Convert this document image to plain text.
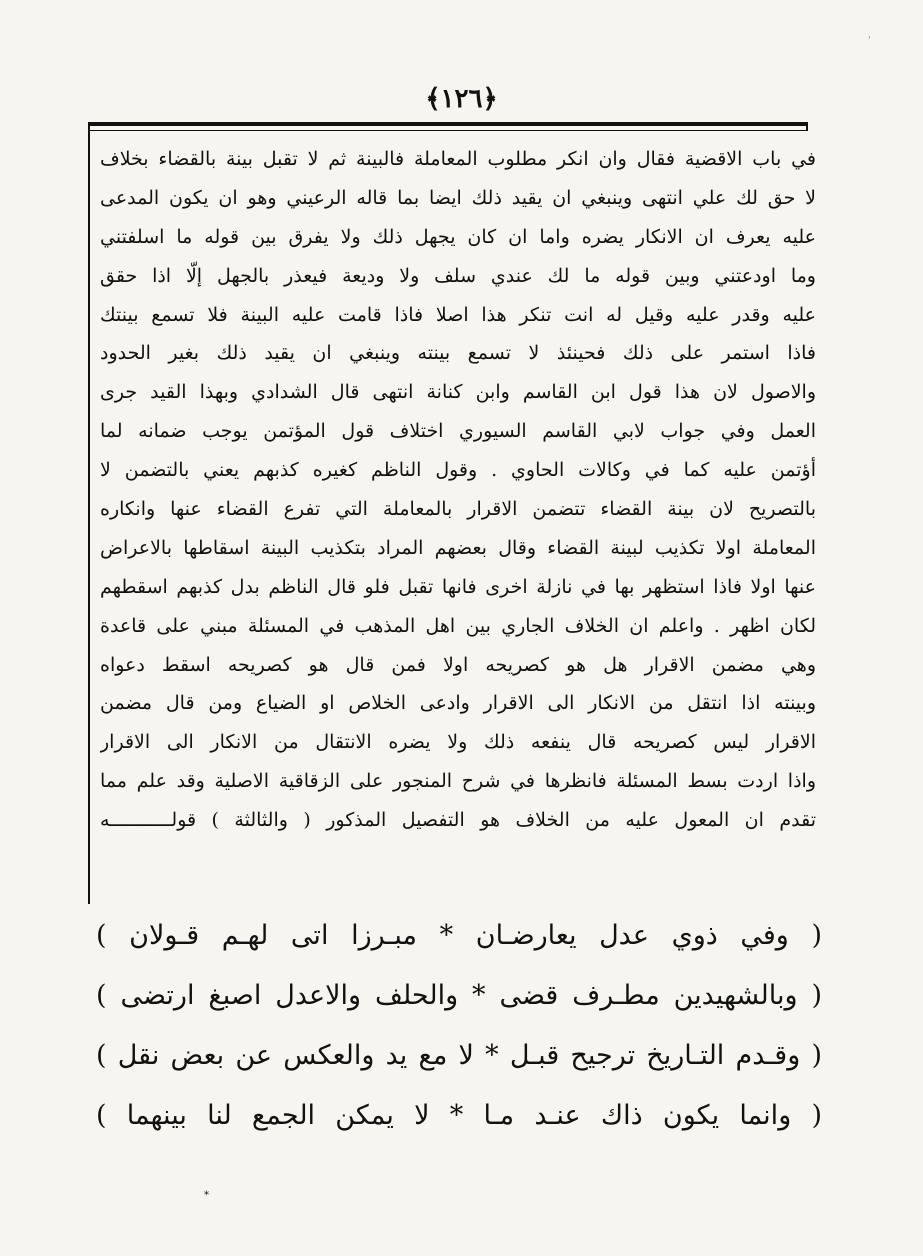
'
﴾١٢٦﴿
في باب الاقضية فقال وان انكر مطلوب المعاملة فالبينة ثم لا تقبل بينة بالقضاء بخلاف
لا حق لك علي انتهى وينبغي ان يقيد ذلك ايضا بما قاله الرعيني وهو ان يكون المدعى
عليه يعرف ان الانكار يضره واما ان كان يجهل ذلك ولا يفرق بين قوله ما اسلفتني
وما اودعتني وبين قوله ما لك عندي سلف ولا وديعة فيعذر بالجهل إلّا اذا حقق
عليه وقدر عليه وقيل له انت تنكر هذا اصلا فاذا قامت عليه البينة فلا تسمع بينتك
فاذا استمر على ذلك فحينئذ لا تسمع بينته وينبغي ان يقيد ذلك بغير الحدود
والاصول لان هذا قول ابن القاسم وابن كنانة انتهى قال الشدادي وبهذا القيد جرى
العمل وفي جواب لابي القاسم السيوري اختلاف قول المؤتمن يوجب ضمانه لما
أؤتمن عليه كما في وكالات الحاوي . وقول الناظم كغيره كذبهم يعني بالتضمن لا
بالتصريح لان بينة القضاء تتضمن الاقرار بالمعاملة التي تفرع القضاء عنها وانكاره
المعاملة اولا تكذيب لبينة القضاء وقال بعضهم المراد بتكذيب البينة اسقاطها بالاعراض
عنها اولا فاذا استظهر بها في نازلة اخرى فانها تقبل فلو قال الناظم بدل كذبهم اسقطهم
لكان اظهر . واعلم ان الخلاف الجاري بين اهل المذهب في المسئلة مبني على قاعدة
وهي مضمن الاقرار هل هو كصريحه اولا فمن قال هو كصريحه اسقط دعواه
وبينته اذا انتقل من الانكار الى الاقرار وادعى الخلاص او الضياع ومن قال مضمن
الاقرار ليس كصريحه قال ينفعه ذلك ولا يضره الانتقال من الانكار الى الاقرار
واذا اردت بسط المسئلة فانظرها في شرح المنجور على الزقاقية الاصلية وقد علم مما
تقدم ان المعول عليه من الخلاف هو التفصيل المذكور ( والثالثة ) قولـــــــــــه
( وفي ذوي عدل يعارضـان * مبـرزا اتى لهـم قـولان )
( وبالشهيدين مطـرف قضى * والحلف والاعدل اصبغ ارتضى )
( وقـدم التـاريخ ترجيح قبـل * لا مع يد والعكس عن بعض نقل )
( وانما يكون ذاك عنـد مـا * لا يمكن الجمع لنا بينهما )
*
